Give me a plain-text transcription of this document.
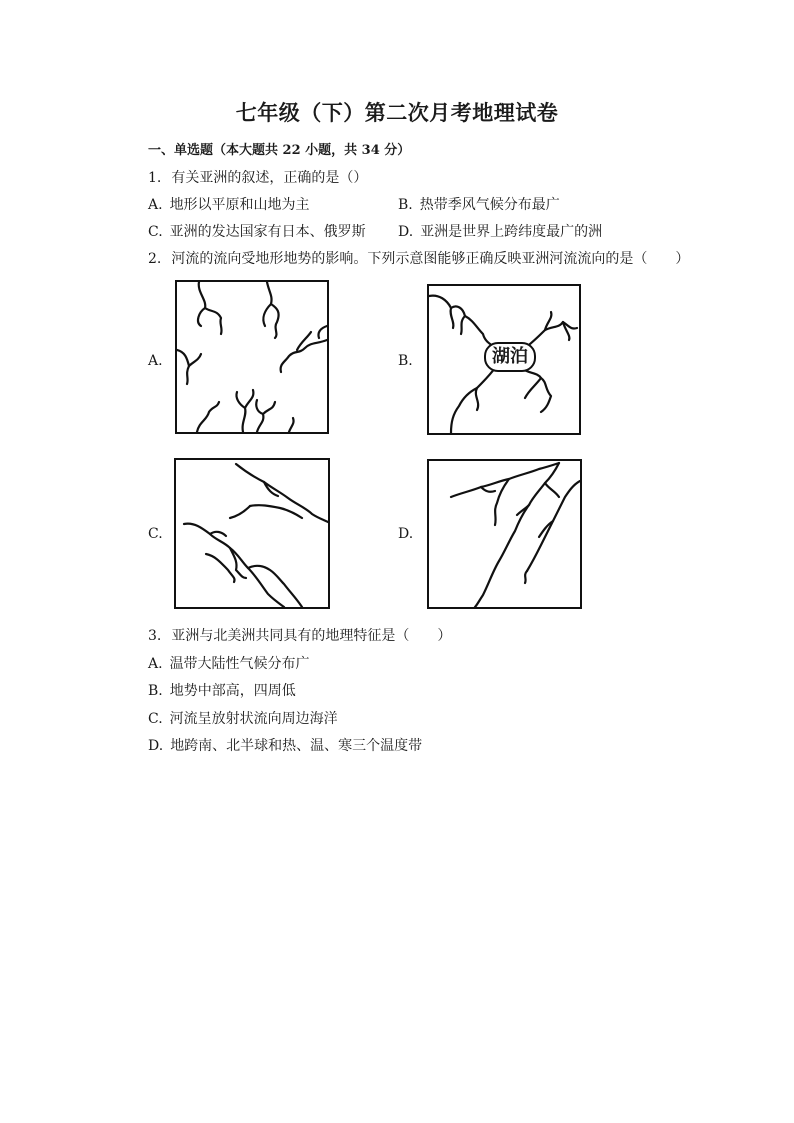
七年级（下）第二次月考地理试卷
一、单选题（本大题共 22 小题，共 34 分）
1. 有关亚洲的叙述，正确的是（）
A. 地形以平原和山地为主	B. 热带季风气候分布最广
C. 亚洲的发达国家有日本、俄罗斯 D. 亚洲是世界上跨纬度最广的洲
2. 河流的流向受地形地势的影响。下列示意图能够正确反映亚洲河流流向的是（　　）
A.	B.	湖泊
C.	D.
3. 亚洲与北美洲共同具有的地理特征是（　　）
A. 温带大陆性气候分布广
B. 地势中部高，四周低
C. 河流呈放射状流向周边海洋
D. 地跨南、北半球和热、温、寒三个温度带
